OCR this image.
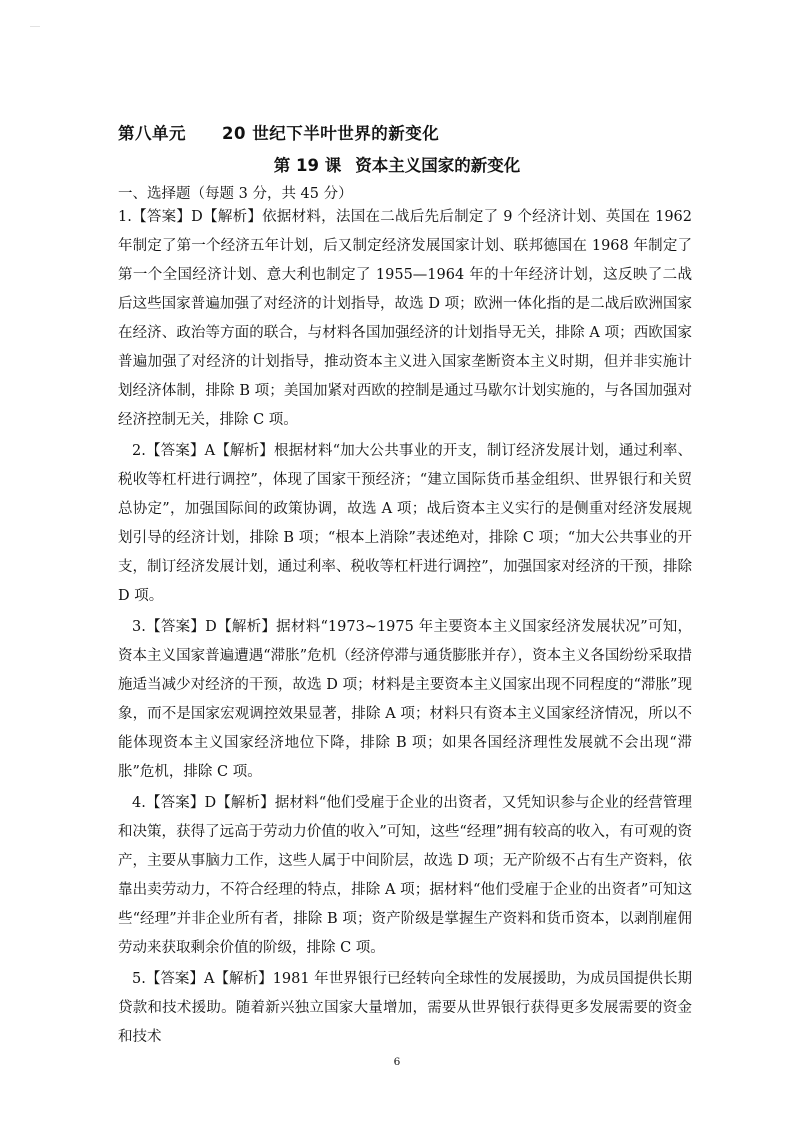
第八单元 20 世纪下半叶世界的新变化
第 19 课 资本主义国家的新变化
一、选择题（每题 3 分，共 45 分）

1.【答案】D【解析】依据材料，法国在二战后先后制定了 9 个经济计划、英国在 1962 年制定了第一个经济五年计划，后又制定经济发展国家计划、联邦德国在 1968 年制定了第一个全国经济计划、意大利也制定了 1955—1964 年的十年经济计划，这反映了二战后这些国家普遍加强了对经济的计划指导，故选 D 项；欧洲一体化指的是二战后欧洲国家在经济、政治等方面的联合，与材料各国加强经济的计划指导无关，排除 A 项；西欧国家普遍加强了对经济的计划指导，推动资本主义进入国家垄断资本主义时期，但并非实施计划经济体制，排除 B 项；美国加紧对西欧的控制是通过马歇尔计划实施的，与各国加强对经济控制无关，排除 C 项。

2.【答案】A【解析】根据材料“加大公共事业的开支，制订经济发展计划，通过利率、税收等杠杆进行调控”，体现了国家干预经济；“建立国际货币基金组织、世界银行和关贸总协定”，加强国际间的政策协调，故选 A 项；战后资本主义实行的是侧重对经济发展规划引导的经济计划，排除 B 项；“根本上消除”表述绝对，排除 C 项；“加大公共事业的开支，制订经济发展计划，通过利率、税收等杠杆进行调控”，加强国家对经济的干预，排除 D 项。

3.【答案】D【解析】据材料“1973~1975 年主要资本主义国家经济发展状况”可知，资本主义国家普遍遭遇“滞胀”危机（经济停滞与通货膨胀并存），资本主义各国纷纷采取措施适当减少对经济的干预，故选 D 项；材料是主要资本主义国家出现不同程度的“滞胀”现象，而不是国家宏观调控效果显著，排除 A 项；材料只有资本主义国家经济情况，所以不能体现资本主义国家经济地位下降，排除 B 项；如果各国经济理性发展就不会出现“滞胀”危机，排除 C 项。

4.【答案】D【解析】据材料“他们受雇于企业的出资者，又凭知识参与企业的经营管理和决策，获得了远高于劳动力价值的收入”可知，这些“经理”拥有较高的收入，有可观的资产，主要从事脑力工作，这些人属于中间阶层，故选 D 项；无产阶级不占有生产资料，依靠出卖劳动力，不符合经理的特点，排除 A 项；据材料“他们受雇于企业的出资者”可知这些“经理”并非企业所有者，排除 B 项；资产阶级是掌握生产资料和货币资本，以剥削雇佣劳动来获取剩余价值的阶级，排除 C 项。

5.【答案】A【解析】1981 年世界银行已经转向全球性的发展援助，为成员国提供长期贷款和技术援助。随着新兴独立国家大量增加，需要从世界银行获得更多发展需要的资金和技术

6
